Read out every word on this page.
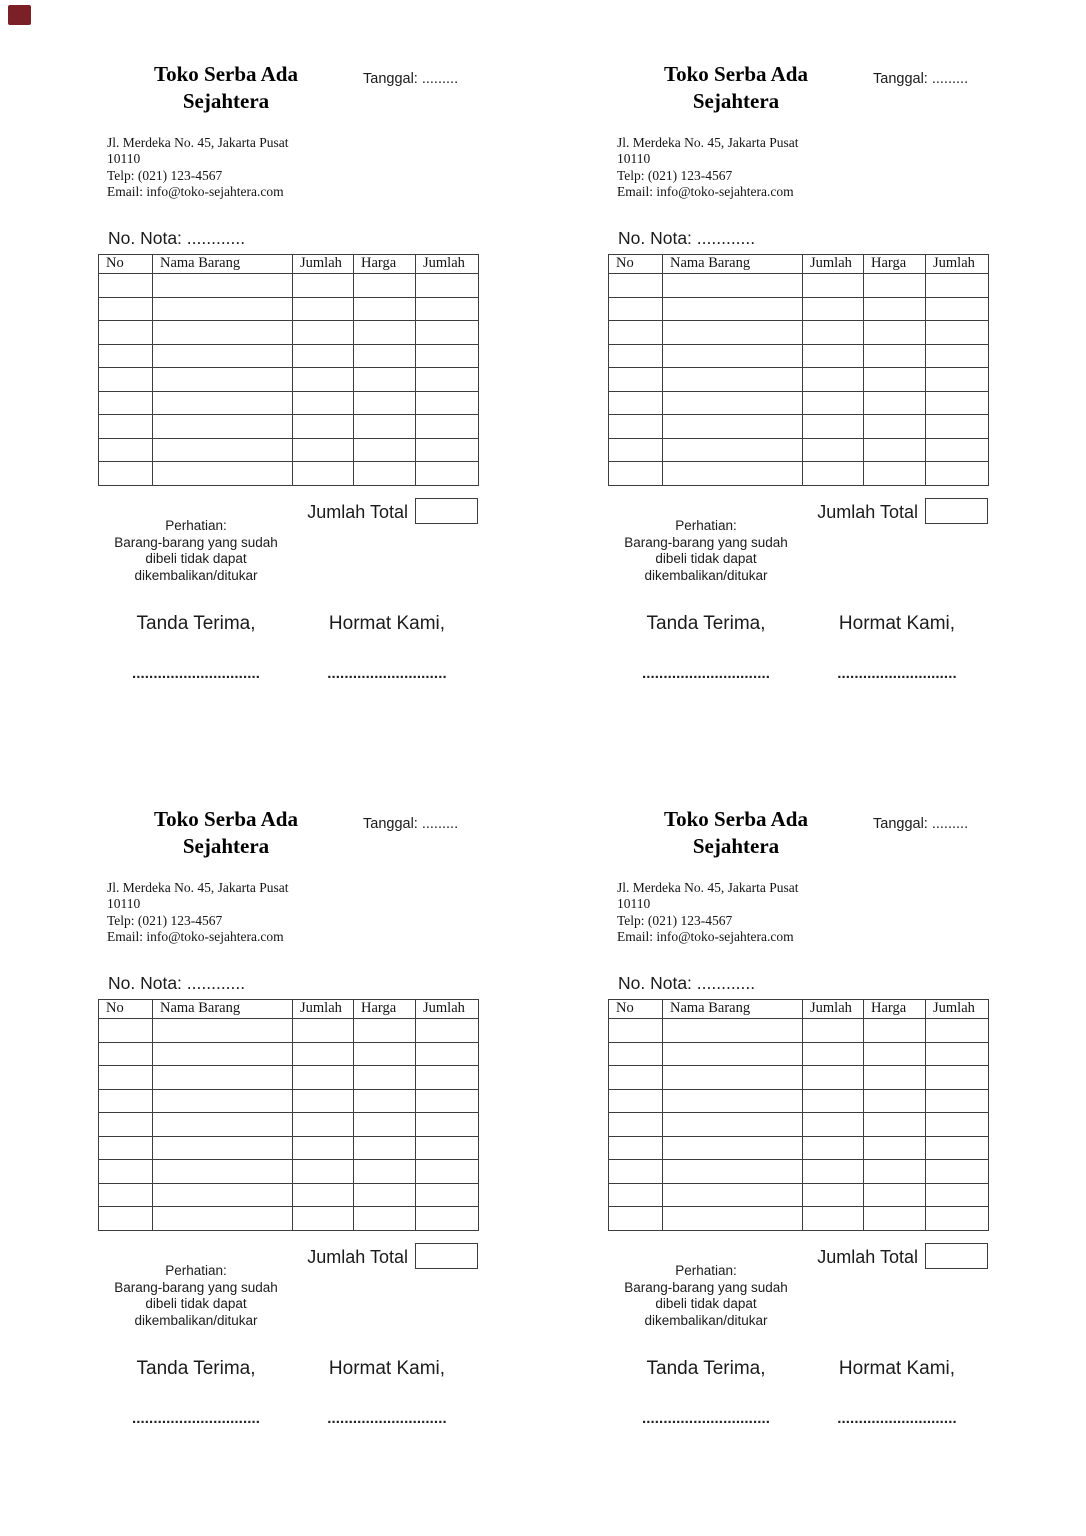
Toko Serba Ada
Sejahtera
Tanggal: .........
Jl. Merdeka No. 45, Jakarta Pusat
10110
Telp: (021) 123-4567
Email: info@toko-sejahtera.com
No. Nota: ............
No	Nama Barang	Jumlah	Harga	Jumlah

Jumlah Total
Perhatian:
Barang-barang yang sudah
dibeli tidak dapat
dikembalikan/ditukar
Tanda Terima,	Hormat Kami,
..............................	............................
Toko Serba Ada
Sejahtera
Tanggal: .........
Jl. Merdeka No. 45, Jakarta Pusat
10110
Telp: (021) 123-4567
Email: info@toko-sejahtera.com
No. Nota: ............
No	Nama Barang	Jumlah	Harga	Jumlah

Jumlah Total
Perhatian:
Barang-barang yang sudah
dibeli tidak dapat
dikembalikan/ditukar
Tanda Terima,	Hormat Kami,
..............................	............................
Toko Serba Ada
Sejahtera
Tanggal: .........
Jl. Merdeka No. 45, Jakarta Pusat
10110
Telp: (021) 123-4567
Email: info@toko-sejahtera.com
No. Nota: ............
No	Nama Barang	Jumlah	Harga	Jumlah

Jumlah Total
Perhatian:
Barang-barang yang sudah
dibeli tidak dapat
dikembalikan/ditukar
Tanda Terima,	Hormat Kami,
..............................	............................
Toko Serba Ada
Sejahtera
Tanggal: .........
Jl. Merdeka No. 45, Jakarta Pusat
10110
Telp: (021) 123-4567
Email: info@toko-sejahtera.com
No. Nota: ............
No	Nama Barang	Jumlah	Harga	Jumlah

Jumlah Total
Perhatian:
Barang-barang yang sudah
dibeli tidak dapat
dikembalikan/ditukar
Tanda Terima,	Hormat Kami,
..............................	............................
